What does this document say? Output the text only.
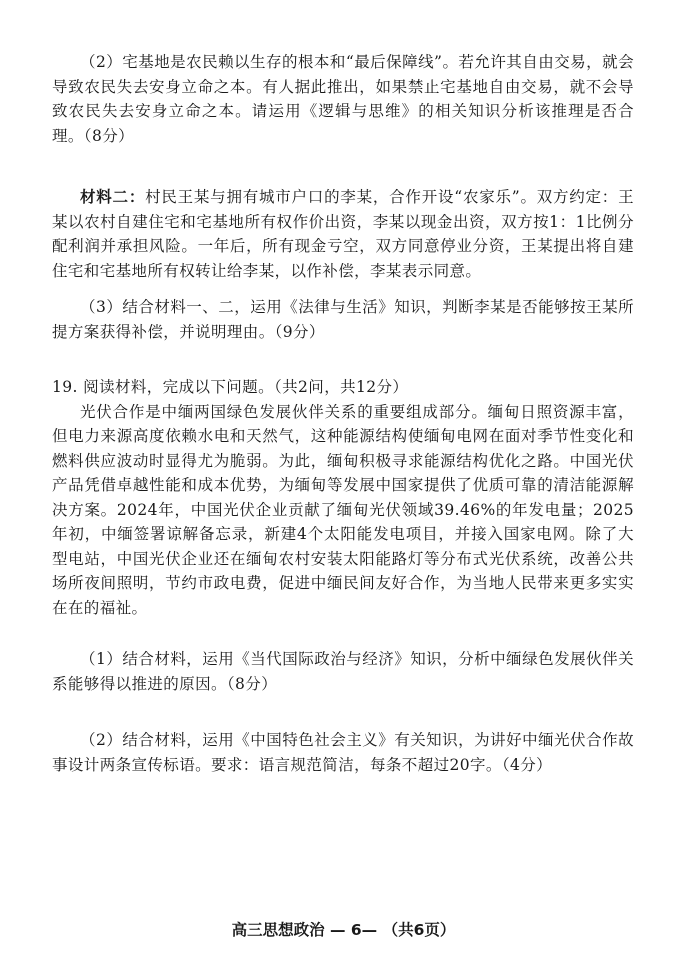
（2）宅基地是农民赖以生存的根本和“最后保障线”。若允许其自由交易，就会导致农民失去安身立命之本。有人据此推出，如果禁止宅基地自由交易，就不会导致农民失去安身立命之本。请运用《逻辑与思维》的相关知识分析该推理是否合理。（8分）

材料二：村民王某与拥有城市户口的李某，合作开设“农家乐”。双方约定：王某以农村自建住宅和宅基地所有权作价出资，李某以现金出资，双方按1：1比例分配利润并承担风险。一年后，所有现金亏空，双方同意停业分资，王某提出将自建住宅和宅基地所有权转让给李某，以作补偿，李某表示同意。

（3）结合材料一、二，运用《法律与生活》知识，判断李某是否能够按王某所提方案获得补偿，并说明理由。（9分）

19. 阅读材料，完成以下问题。（共2问，共12分）

光伏合作是中缅两国绿色发展伙伴关系的重要组成部分。缅甸日照资源丰富，但电力来源高度依赖水电和天然气，这种能源结构使缅甸电网在面对季节性变化和燃料供应波动时显得尤为脆弱。为此，缅甸积极寻求能源结构优化之路。中国光伏产品凭借卓越性能和成本优势，为缅甸等发展中国家提供了优质可靠的清洁能源解决方案。2024年，中国光伏企业贡献了缅甸光伏领域39.46%的年发电量；2025年初，中缅签署谅解备忘录，新建4个太阳能发电项目，并接入国家电网。除了大型电站，中国光伏企业还在缅甸农村安装太阳能路灯等分布式光伏系统，改善公共场所夜间照明，节约市政电费，促进中缅民间友好合作，为当地人民带来更多实实在在的福祉。

（1）结合材料，运用《当代国际政治与经济》知识，分析中缅绿色发展伙伴关系能够得以推进的原因。（8分）

（2）结合材料，运用《中国特色社会主义》有关知识，为讲好中缅光伏合作故事设计两条宣传标语。要求：语言规范简洁，每条不超过20字。（4分）

高三思想政治 — 6— （共6页）
